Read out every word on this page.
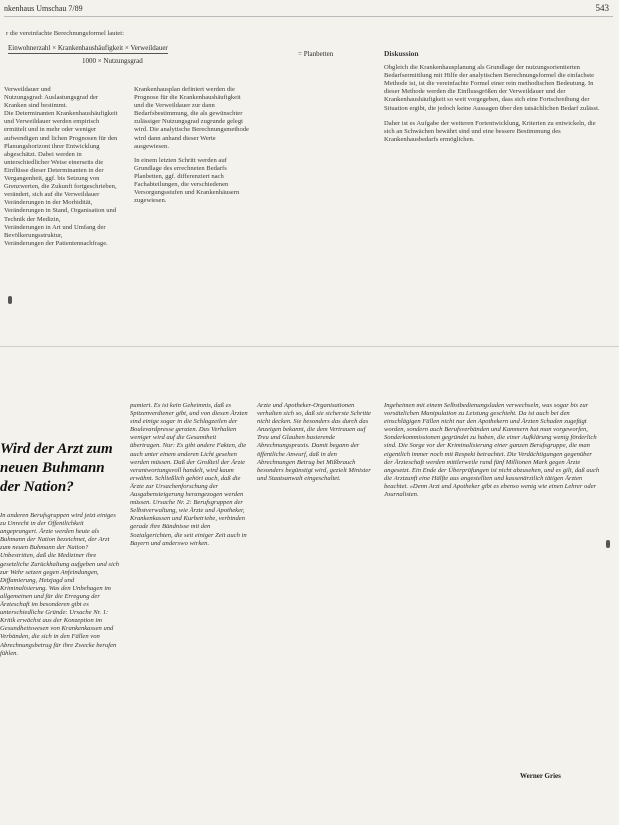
nkenhaus Umschau 7/89	543
r die vereinfachte Berechnungsformel lautet:
Einwohnerzahl × Krankenhaushäufigkeit × Verweildauer
1000 × Nutzungsgrad
= Planbetten
Verweildauer und
Nutzungsgrad: Auslastungsgrad der Kranken sind bestimmt.
Die Determinanten Krankenhaushäufigkeit und Verweildauer werden empirisch ermittelt und in mehr oder weniger aufwendigen und lichen Prognosen für den Planungshorizont ihrer Entwicklung abgeschätzt. Dabei werden in unterschiedlicher Weise einerseits die Einflüsse dieser Determinanten in der Vergangenheit, ggf. bis Setzung von Grenzwerten, die Zukunft fortgeschrieben, verändert, sich auf die Verweildauer
Veränderungen in der Morbidität,
Veränderungen in Stand, Organisation und Technik der Medizin,
Veränderungen in Art und Umfang der Bevölkerungsstruktur,
Veränderungen der Patientennachfrage.
Krankenhausplan definiert werden die Prognose für die Krankenhaushäufigkeit und die Verweildauer zur dann Bedarfsbestimmung, die als gewünschter zulässiger Nutzungsgrad zugrunde gelegt wird. Die analytische Berechnungsmethode wird dann anhand dieser Werte ausgewiesen.
In einem letzten Schritt werden auf Grundlage des errechneten Bedarfs Planbetten, ggf. differenziert nach Fachabteilungen, die verschiedenen Versorgungsstufen und Krankenhäusern zugewiesen.
Diskussion
Obgleich die Krankenhausplanung als Grundlage der nutzungsorientierten Bedarfsermittlung mit Hilfe der analytischen Berechnungsformel die einfachste Methode ist, ist die vereinfachte Formel einer rein methodischen Bedeutung. In dieser Methode werden die Einflussgrößen der Verweildauer und der Krankenhaushäufigkeit so weit vorgegeben, dass sich eine Fortschreibung der Situation ergibt, die jedoch keine Aussagen über den tatsächlichen Bedarf zulässt.
Daher ist es Aufgabe der weiteren Fortentwicklung, Kriterien zu entwickeln, die sich an Schwächen bewährt sind und eine bessere Bestimmung des Krankenhausbedarfs ermöglichen.
Wird der Arzt zum neuen Buhmann der Nation?
In anderen Berufsgruppen wird jetzt einiges zu Unrecht in der Öffentlichkeit angeprangert. Ärzte werden heute als Buhmann der Nation bezeichnet, der Arzt zum neuen Buhmann der Nation? Unbestritten, daß die Mediziner ihre gesetzliche Zurückhaltung aufgeben und sich zur Wehr setzen gegen Anfeindungen, Diffamierung, Hetzjagd und Kriminalisierung. Was den Unbehagen im allgemeinen und für die Erregung der Ärzteschaft im besonderen gibt es unterschiedliche Gründe: Ursache Nr. 1: Kritik erwächst aus der Konzeption im Gesundheitswesen von Krankenkassen und Verbänden, die sich in den Fällen von Abrechnungsbetrug für ihre Zwecke berufen fühlen.
pumiert. Es ist kein Geheimnis, daß es Spitzenverdiener gibt, und von diesen Ärzten sind einige sogar in die Schlagzeilen der Boulevardpresse geraten. Das Verhalten weniger wird auf die Gesamtheit übertragen. Nur: Es gibt andere Fakten, die auch unter einem anderen Licht gesehen werden müssen. Daß der Großteil der Ärzte verantwortungsvoll handelt, wird kaum erwähnt. Schließlich gehört auch, daß die Ärzte zur Ursachenforschung der Ausgabensteigerung herangezogen werden müssen. Ursache Nr. 2: Berufsgruppen der Selbstverwaltung, wie Ärzte und Apotheker, Krankenkassen und Kurbetriebe, verbinden gerade ihre Bündnisse mit den Sozialgerichten, die seit einiger Zeit auch in Bayern und anderswo wirken.
Arzte und Apotheker-Organisationen verhalten sich so, daß sie sicherste Schritte nicht decken. Sie besonders das durch das Anzeigen bekannt, die dem Vertrauen auf Treu und Glauben basierende Abrechnungspraxis. Damit begann der öffentliche Anwurf, daß in den Abrechnungen Betrug bei Mißbrauch besonders begünstigt wird, gezielt Minister und Staatsanwalt eingeschaltet.
Ingeheimen mit einem Selbstbedienungsladen verwechseln, was sogar bis zur vorsätzlichen Manipulation zu Leistung geschieht. Da ist auch bei den einschlägigen Fällen nicht nur den Apothekern und Ärzten Schaden zugefügt worden, sondern auch Berufsverbänden und Kammern hat man vorgeworfen, Sonderkommissionen gegründet zu haben, die einer Aufklärung wenig förderlich sind. Die Sorge vor der Kriminalisierung einer ganzen Berufsgruppe, die man eigentlich immer noch mit Respekt betrachtet. Die Verdächtigungen gegenüber der Ärzteschaft werden mittlerweile rund fünf Millionen Mark gegen Ärzte angesetzt. Ein Ende der Überprüfungen ist nicht abzusehen, und es gilt, daß auch die Arztzunft eine Hälfte aus angestellten und kassenärztlich tätigen Ärzten beachtet. »Denn Arzt und Apotheker gibt es ebenso wenig wie einen Lehrer oder Journalisten.
Werner Gries
